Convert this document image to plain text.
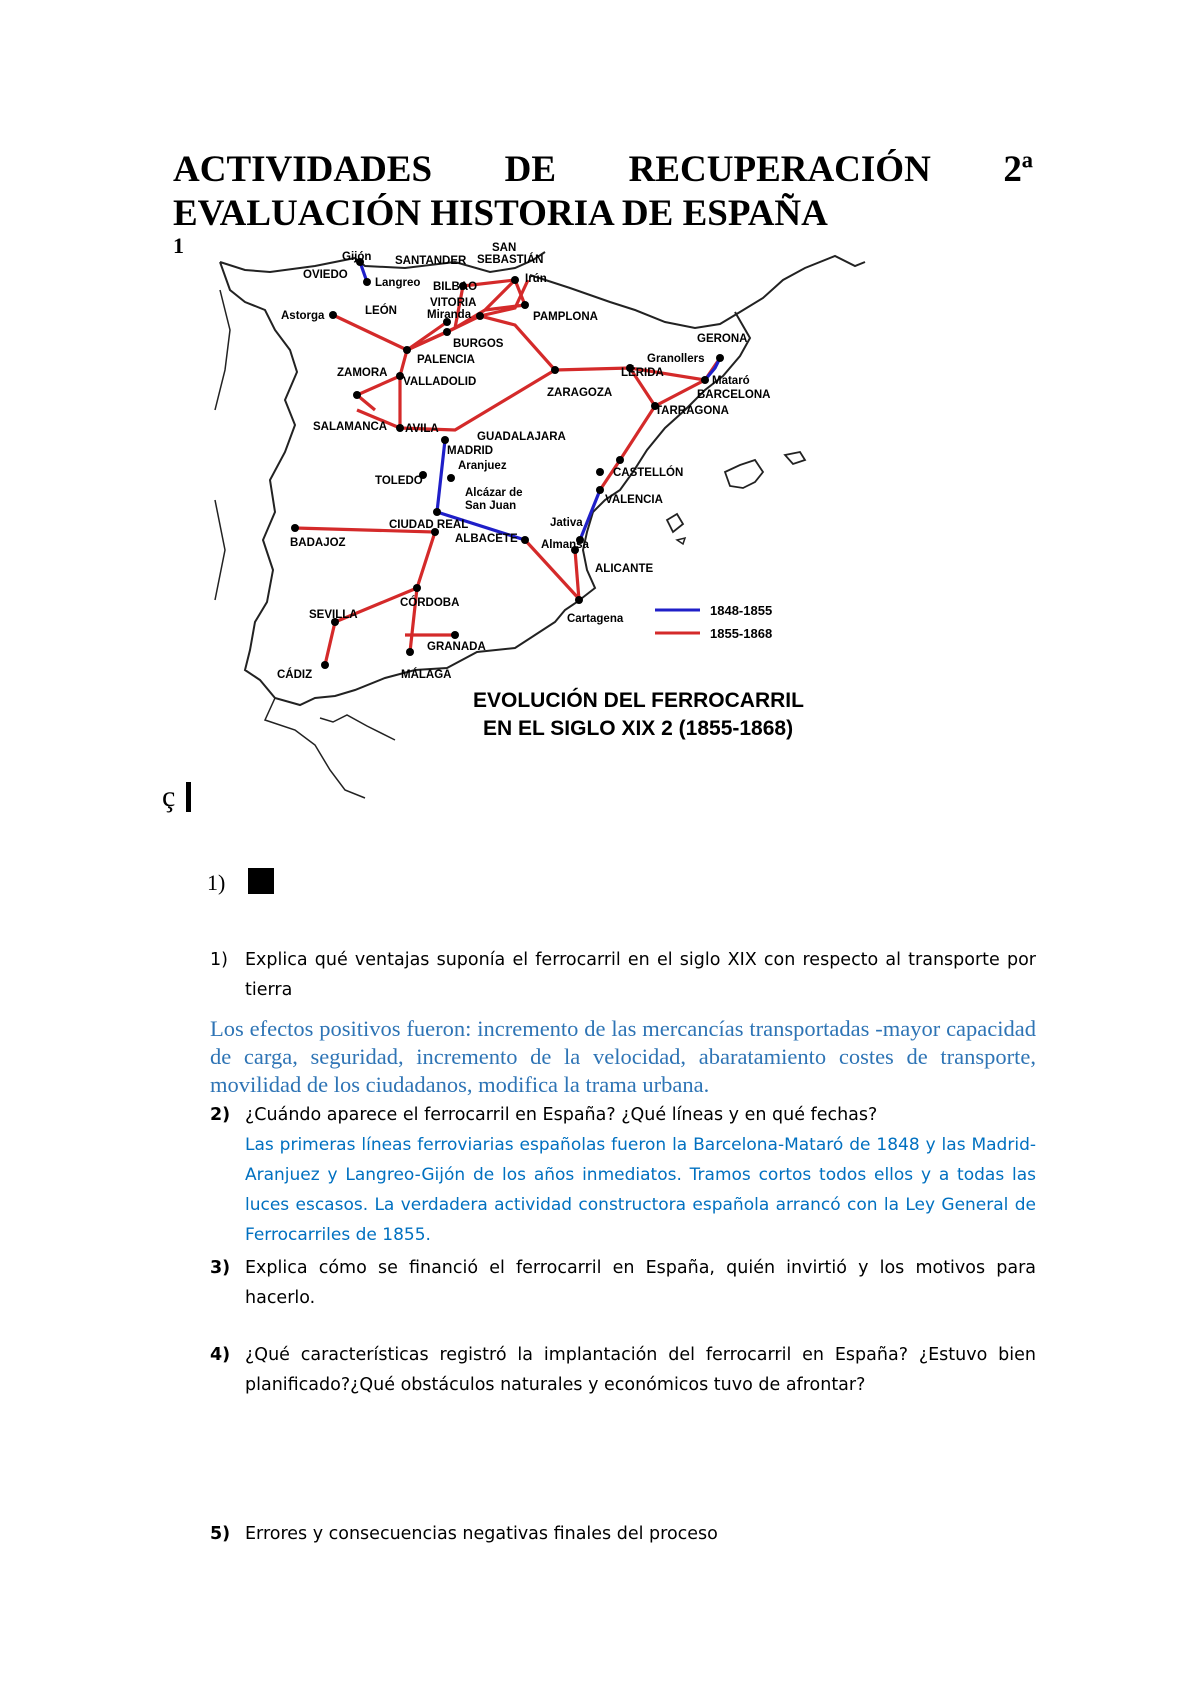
ACTIVIDADES DE RECUPERACIÓN 2ª
EVALUACIÓN HISTORIA DE ESPAÑA
1	Gijón
OVIEDO
Langreo
SANTANDER
SAN
SEBASTIÁN
Irún
BILBAO
VITORIA
Miranda	PAMPLONA
Astorga	LEÓN
BURGOS
PALENCIA
ZAMORA
VALLADOLID
SALAMANCA AVILA
MADRID
GUADALAJARA
ZARAGOZA
LÉRIDA
Granollers
GERONA
Mataró
BARCELONA
TARRAGONA
TOLEDO
Aranjuez
Alcázar de
San Juan
CASTELLÓN
VALENCIA
CIUDAD REAL
BADAJOZ	ALBACETE
Jativa
Almansa
ALICANTE
Cartagena
CÓRDOBA
SEVILLA
GRANADA
CÁDIZ	MÁLAGA
1848-1855
1855-1868
EVOLUCIÓN DEL FERROCARRIL
EN EL SIGLO XIX 2 (1855-1868)
ç
1)
1) Explica qué ventajas suponía el ferrocarril en el siglo XIX con respecto al transporte por tierra
Los efectos positivos fueron: incremento de las mercancías transportadas -mayor capacidad de carga, seguridad, incremento de la velocidad, abaratamiento costes de transporte, movilidad de los ciudadanos, modifica la trama urbana.
2) ¿Cuándo aparece el ferrocarril en España? ¿Qué líneas y en qué fechas?
Las primeras líneas ferroviarias españolas fueron la Barcelona-Mataró de 1848 y las Madrid-Aranjuez y Langreo-Gijón de los años inmediatos. Tramos cortos todos ellos y a todas las luces escasos. La verdadera actividad constructora española arrancó con la Ley General de Ferrocarriles de 1855.
3) Explica cómo se financió el ferrocarril en España, quién invirtió y los motivos para hacerlo.
4) ¿Qué características registró la implantación del ferrocarril en España? ¿Estuvo bien planificado?¿Qué obstáculos naturales y económicos tuvo de afrontar?
5) Errores y consecuencias negativas finales del proceso
